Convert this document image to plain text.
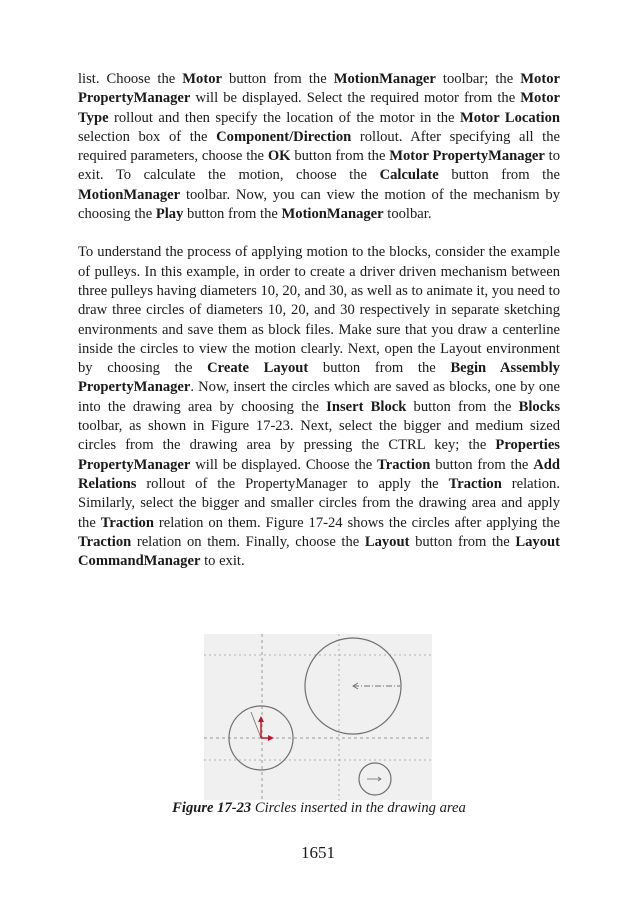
list. Choose the Motor button from the MotionManager toolbar; the Motor PropertyManager will be displayed. Select the required motor from the Motor Type rollout and then specify the location of the motor in the Motor Location selection box of the Component/Direction rollout. After specifying all the required parameters, choose the OK button from the Motor PropertyManager to exit. To calculate the motion, choose the Calculate button from the MotionManager toolbar. Now, you can view the motion of the mechanism by choosing the Play button from the MotionManager toolbar.

To understand the process of applying motion to the blocks, consider the example of pulleys. In this example, in order to create a driver driven mechanism between three pulleys having diameters 10, 20, and 30, as well as to animate it, you need to draw three circles of diameters 10, 20, and 30 respectively in separate sketching environments and save them as block files. Make sure that you draw a centerline inside the circles to view the motion clearly. Next, open the Layout environment by choosing the Create Layout button from the Begin Assembly PropertyManager. Now, insert the circles which are saved as blocks, one by one into the drawing area by choosing the Insert Block button from the Blocks toolbar, as shown in Figure 17-23. Next, select the bigger and medium sized circles from the drawing area by pressing the CTRL key; the Properties PropertyManager will be displayed. Choose the Traction button from the Add Relations rollout of the PropertyManager to apply the Traction relation. Similarly, select the bigger and smaller circles from the drawing area and apply the Traction relation on them. Figure 17-24 shows the circles after applying the Traction relation on them. Finally, choose the Layout button from the Layout CommandManager to exit.

Figure 17-23 Circles inserted in the drawing area
1651
